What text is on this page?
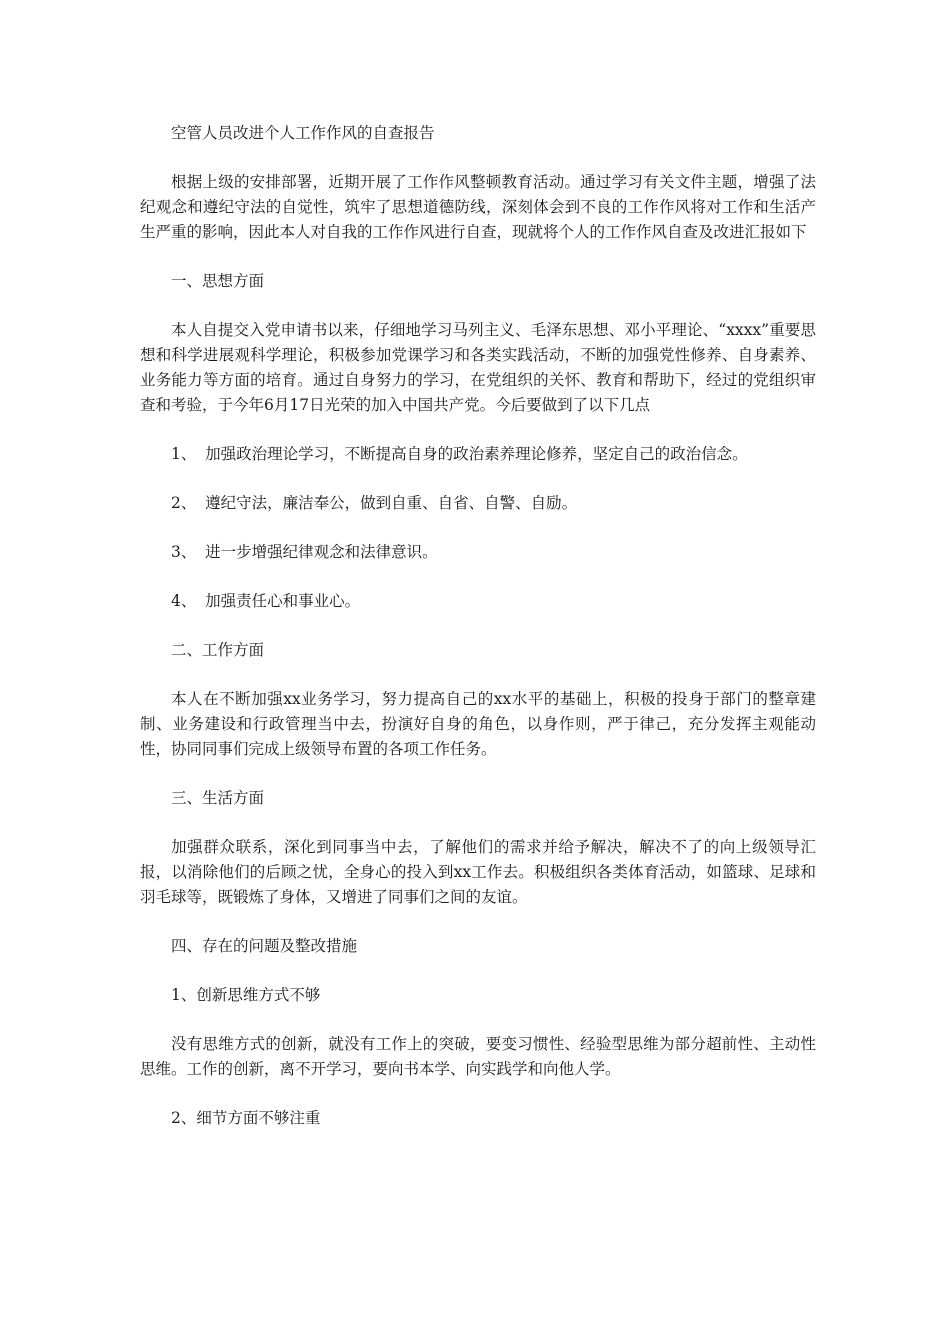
空管人员改进个人工作作风的自查报告

根据上级的安排部署，近期开展了工作作风整顿教育活动。通过学习有关文件主题，增强了法纪观念和遵纪守法的自觉性，筑牢了思想道德防线，深刻体会到不良的工作作风将对工作和生活产生严重的影响，因此本人对自我的工作作风进行自查，现就将个人的工作作风自查及改进汇报如下

一、思想方面

本人自提交入党申请书以来，仔细地学习马列主义、毛泽东思想、邓小平理论、“xxxx”重要思想和科学进展观科学理论，积极参加党课学习和各类实践活动，不断的加强党性修养、自身素养、业务能力等方面的培育。通过自身努力的学习，在党组织的关怀、教育和帮助下，经过的党组织审查和考验，于今年6月17日光荣的加入中国共产党。今后要做到了以下几点

1、 加强政治理论学习，不断提高自身的政治素养理论修养，坚定自己的政治信念。

2、 遵纪守法，廉洁奉公，做到自重、自省、自警、自励。

3、 进一步增强纪律观念和法律意识。

4、 加强责任心和事业心。

二、工作方面

本人在不断加强xx业务学习，努力提高自己的xx水平的基础上，积极的投身于部门的整章建制、业务建设和行政管理当中去，扮演好自身的角色，以身作则，严于律己，充分发挥主观能动性，协同同事们完成上级领导布置的各项工作任务。

三、生活方面

加强群众联系，深化到同事当中去，了解他们的需求并给予解决，解决不了的向上级领导汇报，以消除他们的后顾之忧，全身心的投入到xx工作去。积极组织各类体育活动，如篮球、足球和羽毛球等，既锻炼了身体，又增进了同事们之间的友谊。

四、存在的问题及整改措施

1、创新思维方式不够

没有思维方式的创新，就没有工作上的突破，要变习惯性、经验型思维为部分超前性、主动性思维。工作的创新，离不开学习，要向书本学、向实践学和向他人学。

2、细节方面不够注重
